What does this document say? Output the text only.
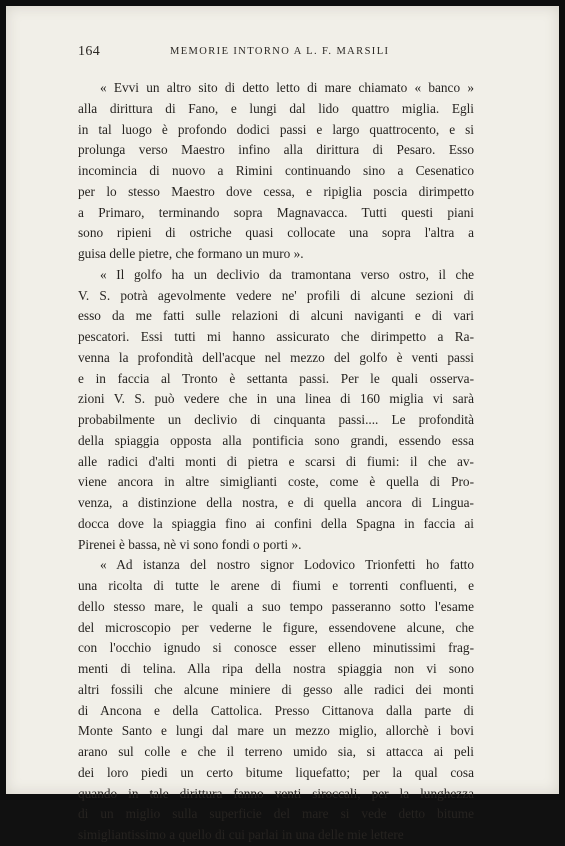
164	MEMORIE INTORNO A L. F. MARSILI
« Evvi un altro sito di detto letto di mare chiamato « banco »
alla dirittura di Fano, e lungi dal lido quattro miglia. Egli
in tal luogo è profondo dodici passi e largo quattrocento, e si
prolunga verso Maestro infino alla dirittura di Pesaro. Esso
incomincia di nuovo a Rimini continuando sino a Cesenatico
per lo stesso Maestro dove cessa, e ripiglia poscia dirimpetto
a Primaro, terminando sopra Magnavacca. Tutti questi piani
sono ripieni di ostriche quasi collocate una sopra l'altra a
guisa delle pietre, che formano un muro ».
« Il golfo ha un declivio da tramontana verso ostro, il che
V. S. potrà agevolmente vedere ne' profili di alcune sezioni di
esso da me fatti sulle relazioni di alcuni naviganti e di vari
pescatori. Essi tutti mi hanno assicurato che dirimpetto a Ra-
venna la profondità dell'acque nel mezzo del golfo è venti passi
e in faccia al Tronto è settanta passi. Per le quali osserva-
zioni V. S. può vedere che in una linea di 160 miglia vi sarà
probabilmente un declivio di cinquanta passi.... Le profondità
della spiaggia opposta alla pontificia sono grandi, essendo essa
alle radici d'alti monti di pietra e scarsi di fiumi: il che av-
viene ancora in altre simiglianti coste, come è quella di Pro-
venza, a distinzione della nostra, e di quella ancora di Lingua-
docca dove la spiaggia fino ai confini della Spagna in faccia ai
Pirenei è bassa, nè vi sono fondi o porti ».
« Ad istanza del nostro signor Lodovico Trionfetti ho fatto
una ricolta di tutte le arene di fiumi e torrenti confluenti, e
dello stesso mare, le quali a suo tempo passeranno sotto l'esame
del microscopio per vederne le figure, essendovene alcune, che
con l'occhio ignudo si conosce esser elleno minutissimi frag-
menti di telina. Alla ripa della nostra spiaggia non vi sono
altri fossili che alcune miniere di gesso alle radici dei monti
di Ancona e della Cattolica. Presso Cittanova dalla parte di
Monte Santo e lungi dal mare un mezzo miglio, allorchè i bovi
arano sul colle e che il terreno umido sia, si attacca ai peli
dei loro piedi un certo bitume liquefatto; per la qual cosa
quando in tale dirittura fanno venti siroccali, per la lunghezza
di un miglio sulla superficie del mare si vede detto bitume
simigliantissimo a quello di cui parlai in una delle mie lettere
